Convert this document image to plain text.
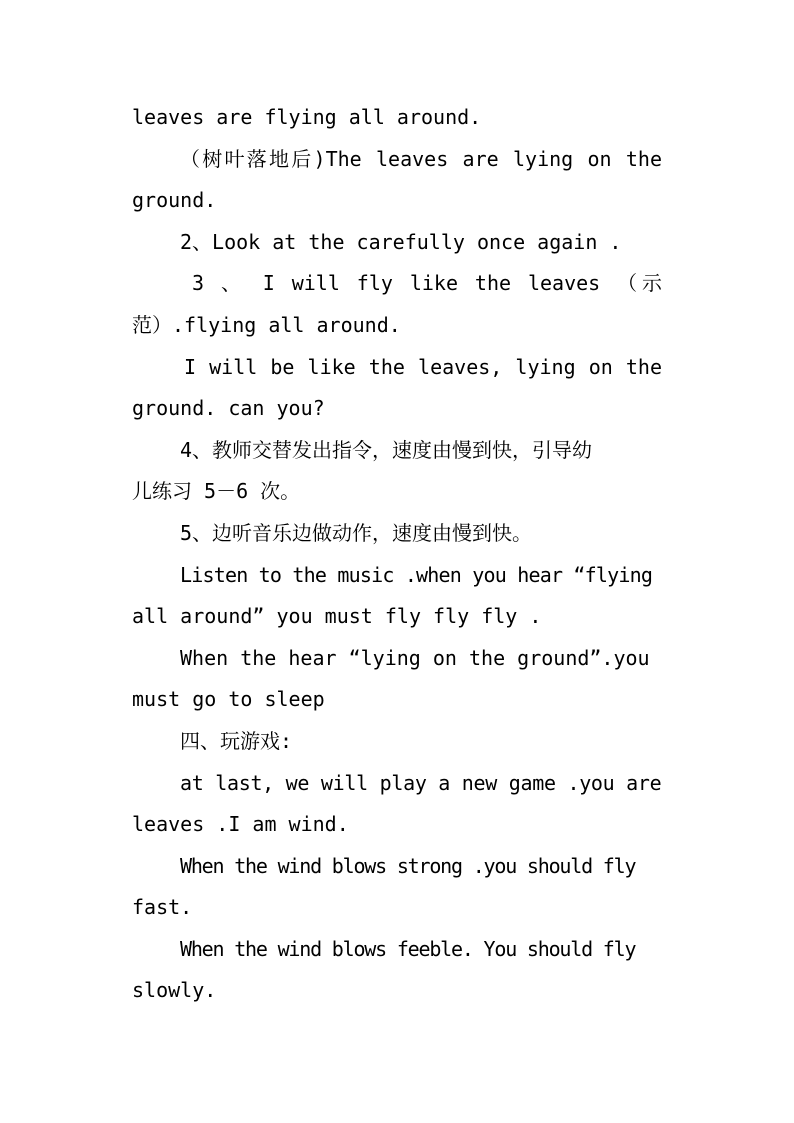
leaves are flying all around.
（树叶落地后)The leaves are lying on the
ground.
2、Look at the carefully once again .
3 、 I will fly like the leaves （示
范）.flying all around.
I will be like the leaves, lying on the
ground. can you?
4、教师交替发出指令，速度由慢到快，引导幼
儿练习 5－6 次。
5、边听音乐边做动作，速度由慢到快。
Listen to the music .when you hear “flying
all around” you must fly fly fly .
When the hear “lying on the ground”.you
must go to sleep
四、玩游戏:
at last, we will play a new game .you are
leaves .I am wind.
When the wind blows strong .you should fly
fast.
When the wind blows feeble. You should fly
slowly.
